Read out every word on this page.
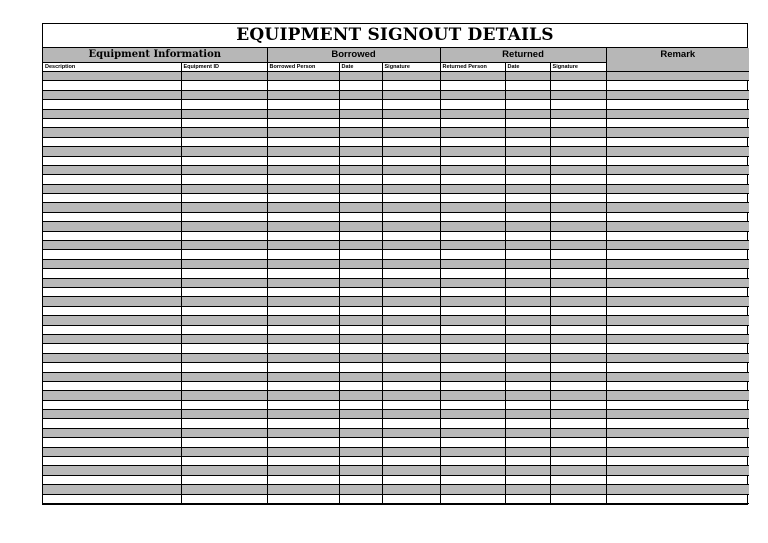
EQUIPMENT SIGNOUT DETAILS
Equipment Information		Borrowed			Returned			Remark
Description	Equipment ID	Borrowed Person	Date	Signature	Returned Person	Date	Signature	
